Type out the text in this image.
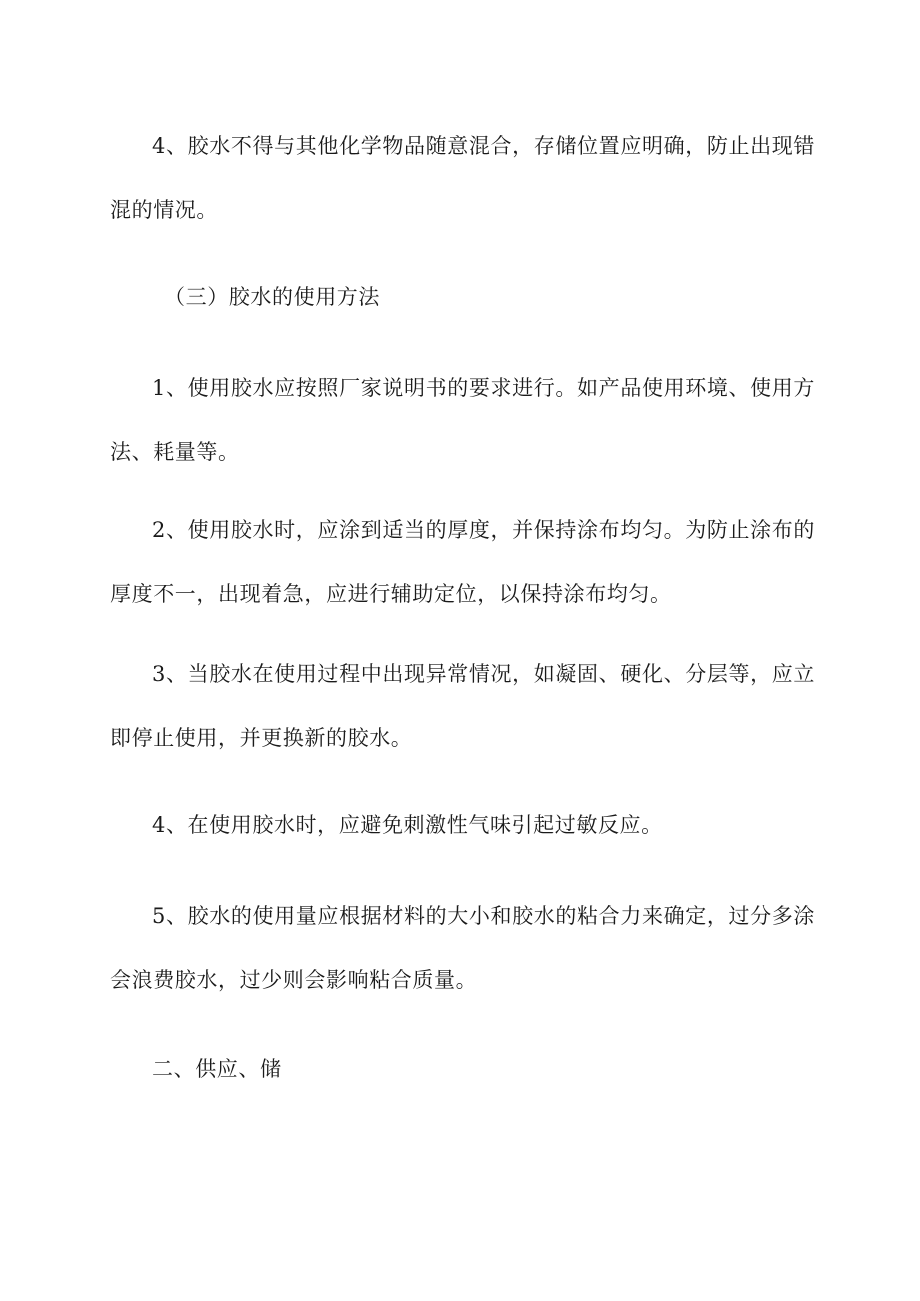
4、胶水不得与其他化学物品随意混合，存储位置应明确，防止出现错混的情况。

（三）胶水的使用方法

1、使用胶水应按照厂家说明书的要求进行。如产品使用环境、使用方法、耗量等。

2、使用胶水时，应涂到适当的厚度，并保持涂布均匀。为防止涂布的厚度不一，出现着急，应进行辅助定位，以保持涂布均匀。

3、当胶水在使用过程中出现异常情况，如凝固、硬化、分层等，应立即停止使用，并更换新的胶水。

4、在使用胶水时，应避免刺激性气味引起过敏反应。

5、胶水的使用量应根据材料的大小和胶水的粘合力来确定，过分多涂会浪费胶水，过少则会影响粘合质量。

二、供应、储
